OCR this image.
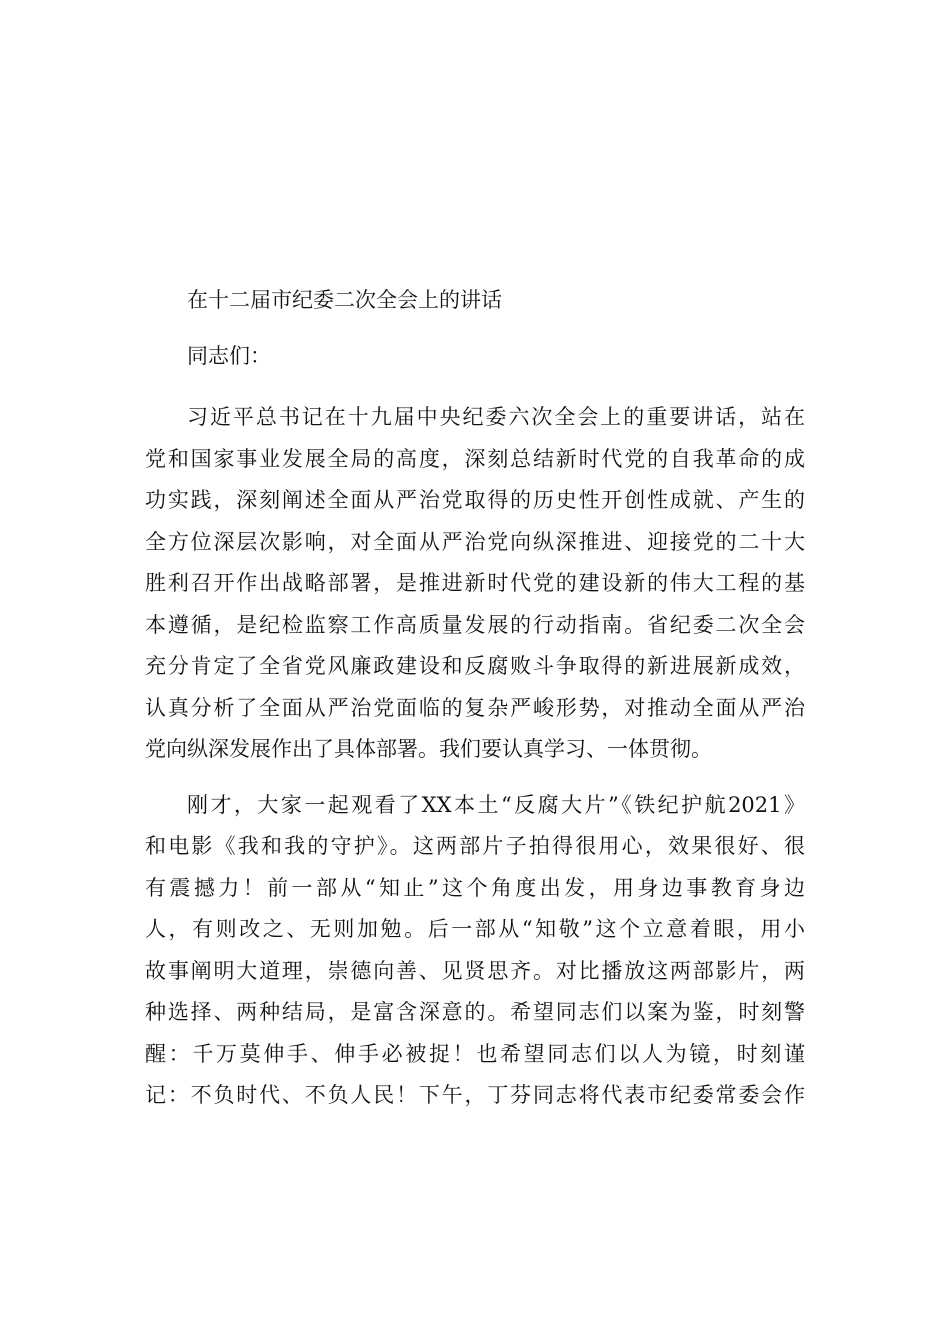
在十二届市纪委二次全会上的讲话

同志们：

习近平总书记在十九届中央纪委六次全会上的重要讲话，站在
党和国家事业发展全局的高度，深刻总结新时代党的自我革命的成
功实践，深刻阐述全面从严治党取得的历史性开创性成就、产生的
全方位深层次影响，对全面从严治党向纵深推进、迎接党的二十大
胜利召开作出战略部署，是推进新时代党的建设新的伟大工程的基
本遵循，是纪检监察工作高质量发展的行动指南。省纪委二次全会
充分肯定了全省党风廉政建设和反腐败斗争取得的新进展新成效，
认真分析了全面从严治党面临的复杂严峻形势，对推动全面从严治
党向纵深发展作出了具体部署。我们要认真学习、一体贯彻。
刚才，大家一起观看了XX本土“反腐大片”《铁纪护航2021》
和电影《我和我的守护》。这两部片子拍得很用心，效果很好、很
有震撼力！前一部从“知止”这个角度出发，用身边事教育身边
人，有则改之、无则加勉。后一部从“知敬”这个立意着眼，用小
故事阐明大道理，崇德向善、见贤思齐。对比播放这两部影片，两
种选择、两种结局，是富含深意的。希望同志们以案为鉴，时刻警
醒：千万莫伸手、伸手必被捉！也希望同志们以人为镜，时刻谨
记：不负时代、不负人民！下午，丁芬同志将代表市纪委常委会作
